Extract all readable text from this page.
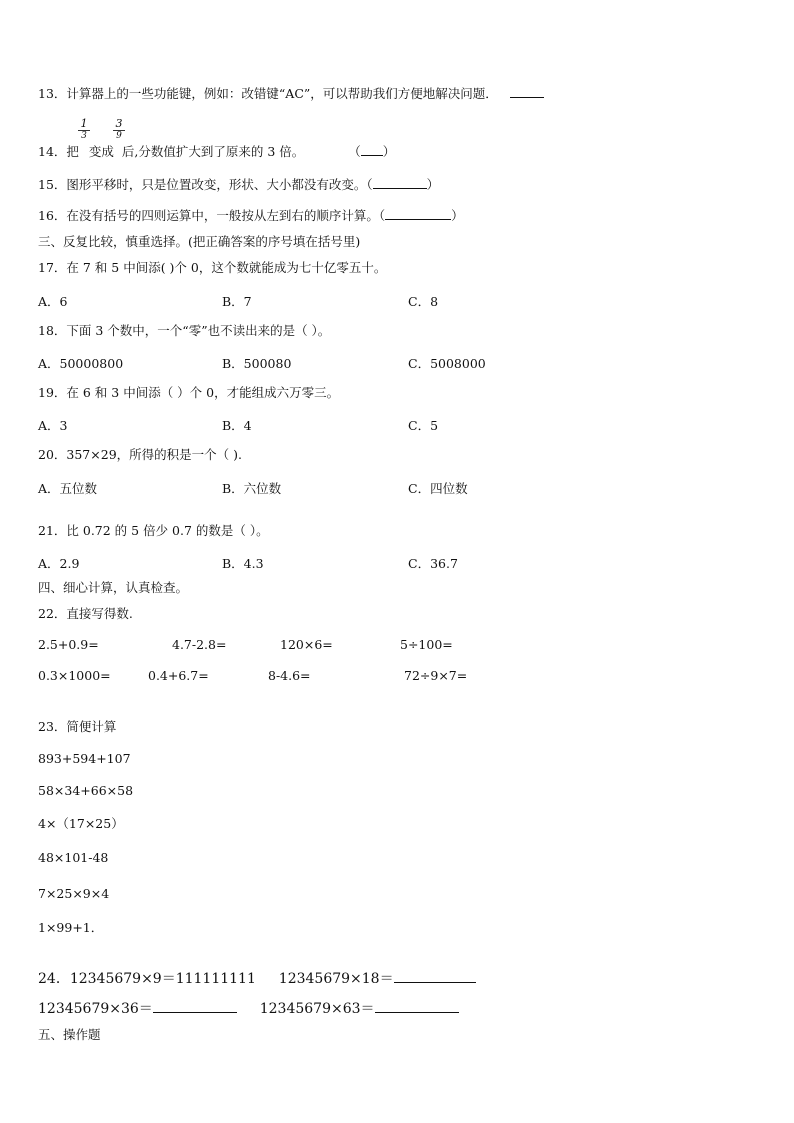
13．计算器上的一些功能键，例如：改错键“AC”，可以帮助我们方便地解决问题．
1
3
3
9
14．把 变成 后,分数值扩大到了原来的 3 倍。	（ ）
15．图形平移时，只是位置改变，形状、大小都没有改变。（	）
16．在没有括号的四则运算中，一般按从左到右的顺序计算。（	）
三、反复比较，慎重选择。(把正确答案的序号填在括号里)
17．在 7 和 5 中间添( )个 0，这个数就能成为七十亿零五十。
A．6	B．7	C．8
18．下面 3 个数中，一个“零”也不读出来的是（ ）。
A．50000800	B．500080	C．5008000
19．在 6 和 3 中间添（ ）个 0，才能组成六万零三。
A．3	B．4	C．5
20．357×29，所得的积是一个（ ).
A．五位数	B．六位数	C．四位数
21．比 0.72 的 5 倍少 0.7 的数是（ ）。
A．2.9	B．4.3	C．36.7
四、细心计算，认真检查。
22．直接写得数.
2.5+0.9=	4.7-2.8=	120×6=	5÷100=
0.3×1000=	0.4+6.7=	8-4.6=	72÷9×7=
23．简便计算
893+594+107
58×34+66×58
4×（17×25）
48×101-48
7×25×9×4
1×99+1．
24．12345679×9＝111111111 12345679×18＝
12345679×36＝	12345679×63＝
五、操作题
